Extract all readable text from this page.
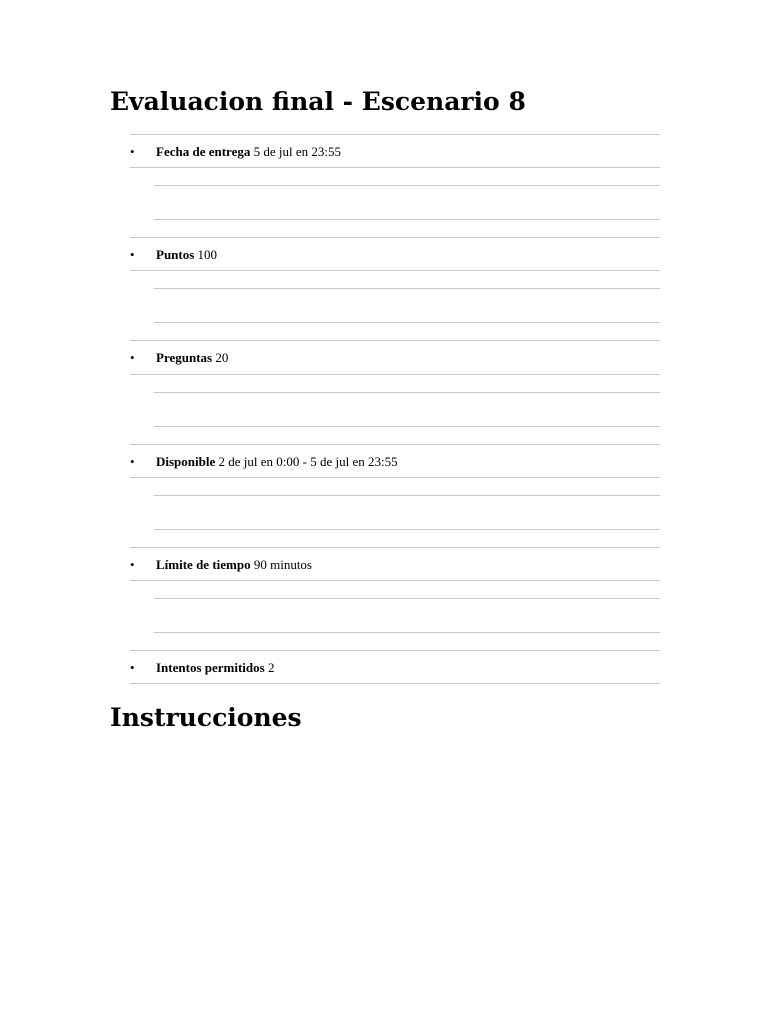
Evaluacion final - Escenario 8
•	Fecha de entrega 5 de jul en 23:55
•	Puntos 100
•	Preguntas 20
•	Disponible 2 de jul en 0:00 - 5 de jul en 23:55
•	Límite de tiempo 90 minutos
•	Intentos permitidos 2
Instrucciones
